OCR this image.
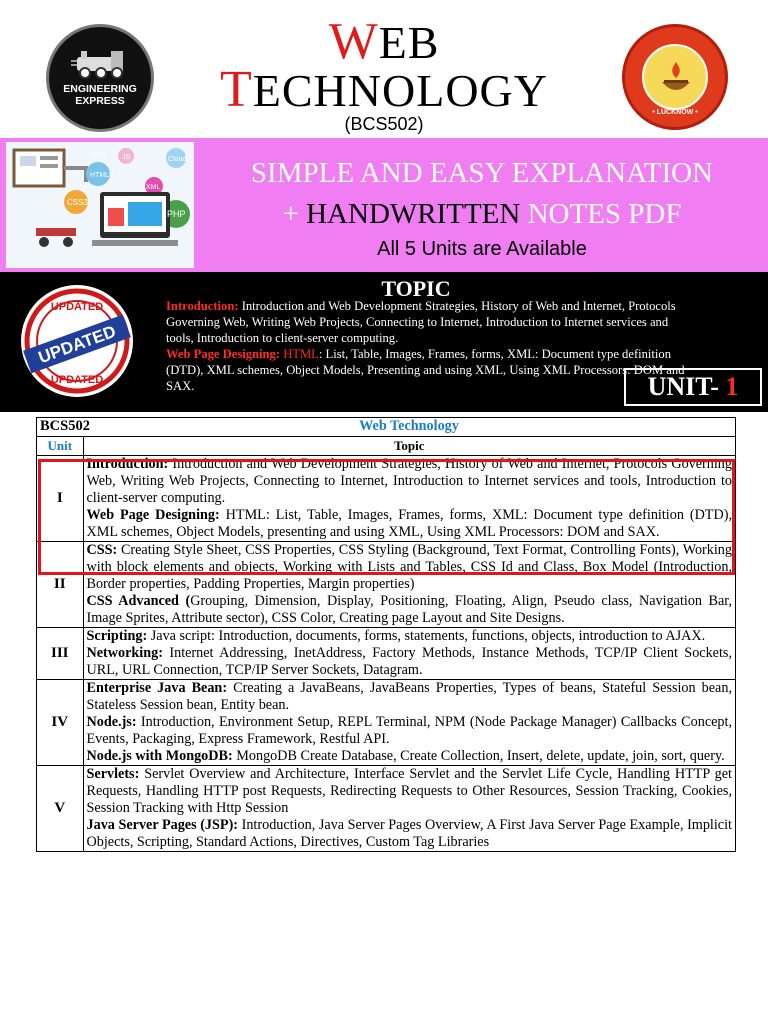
ENGINEERING
EXPRESS
WEB
TECHNOLOGY
(BCS502)
• LUCKNOW •
www
HTML5
JS	Cloud
CSS3
XML
PHP
SIMPLE AND EASY EXPLANATION
+ HANDWRITTEN NOTES PDF
All 5 Units are Available
UPDATED
UPDATED
UPDATED
TOPIC
Introduction: Introduction and Web Development Strategies, History of Web and Internet, Protocols Governing Web, Writing Web Projects, Connecting to Internet, Introduction to Internet services and tools, Introduction to client-server computing.
Web Page Designing: HTML: List, Table, Images, Frames, forms, XML: Document type definition (DTD), XML schemes, Object Models, Presenting and using XML, Using XML Processors: DOM and SAX.	UNIT- 1
BCS502	Web Technology
Unit	Topic
I	Introduction: Introduction and Web Development Strategies, History of Web and Internet, Protocols Governing Web, Writing Web Projects, Connecting to Internet, Introduction to Internet services and tools, Introduction to client-server computing.

Web Page Designing: HTML: List, Table, Images, Frames, forms, XML: Document type definition (DTD), XML schemes, Object Models, presenting and using XML, Using XML Processors: DOM and SAX.

II	CSS: Creating Style Sheet, CSS Properties, CSS Styling (Background, Text Format, Controlling Fonts), Working with block elements and objects, Working with Lists and Tables, CSS Id and Class, Box Model (Introduction, Border properties, Padding Properties, Margin properties)

CSS Advanced (Grouping, Dimension, Display, Positioning, Floating, Align, Pseudo class, Navigation Bar, Image Sprites, Attribute sector), CSS Color, Creating page Layout and Site Designs.

III	Scripting: Java script: Introduction, documents, forms, statements, functions, objects, introduction to AJAX.

Networking: Internet Addressing, InetAddress, Factory Methods, Instance Methods, TCP/IP Client Sockets, URL, URL Connection, TCP/IP Server Sockets, Datagram.

IV	Enterprise Java Bean: Creating a JavaBeans, JavaBeans Properties, Types of beans, Stateful Session bean, Stateless Session bean, Entity bean.

Node.js: Introduction, Environment Setup, REPL Terminal, NPM (Node Package Manager) Callbacks Concept, Events, Packaging, Express Framework, Restful API.

Node.js with MongoDB: MongoDB Create Database, Create Collection, Insert, delete, update, join, sort, query.

V	Servlets: Servlet Overview and Architecture, Interface Servlet and the Servlet Life Cycle, Handling HTTP get Requests, Handling HTTP post Requests, Redirecting Requests to Other Resources, Session Tracking, Cookies, Session Tracking with Http Session

Java Server Pages (JSP): Introduction, Java Server Pages Overview, A First Java Server Page Example, Implicit Objects, Scripting, Standard Actions, Directives, Custom Tag Libraries
